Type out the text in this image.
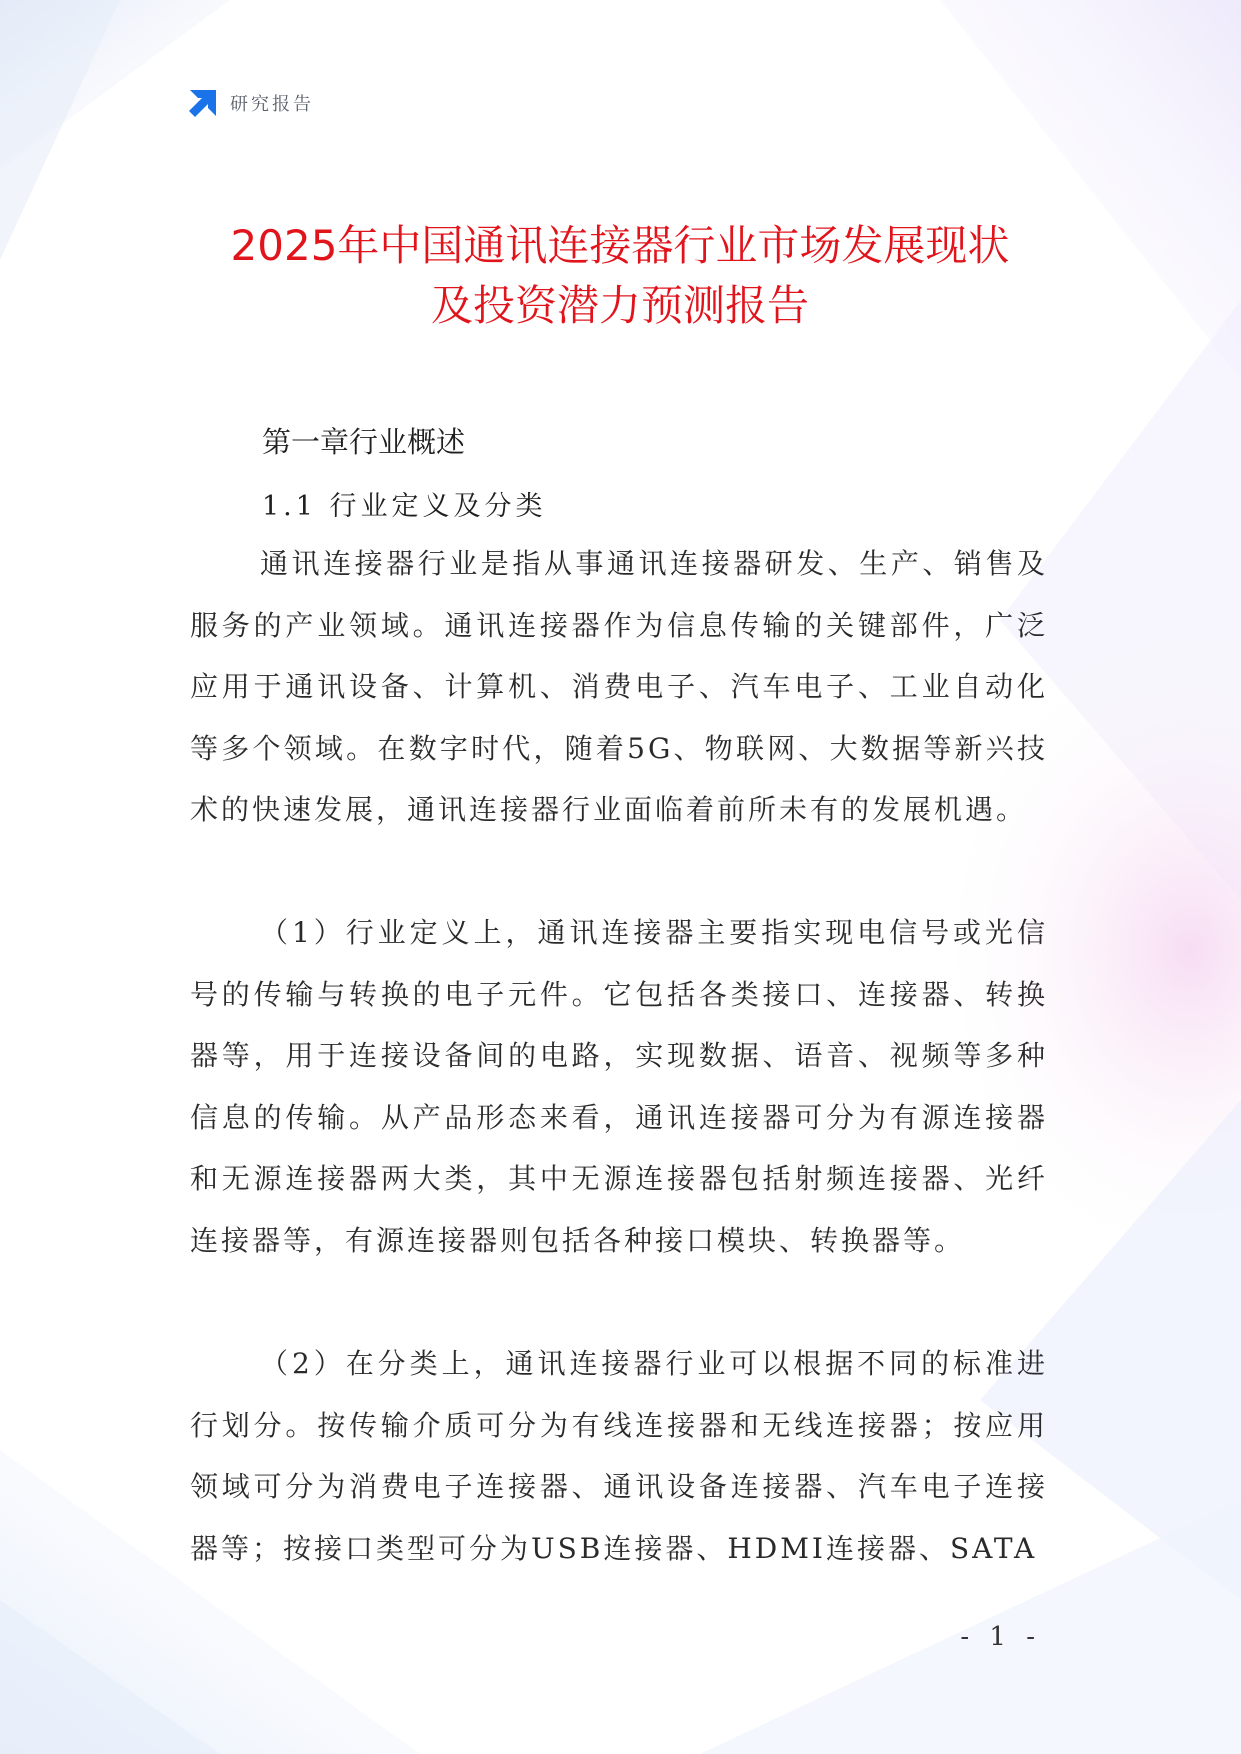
研究报告
2025年中国通讯连接器行业市场发展现状
及投资潜力预测报告
第一章行业概述
1.1 行业定义及分类

通讯连接器行业是指从事通讯连接器研发、生产、销售及服务的产业领域。通讯连接器作为信息传输的关键部件，广泛应用于通讯设备、计算机、消费电子、汽车电子、工业自动化等多个领域。在数字时代，随着5G、物联网、大数据等新兴技术的快速发展，通讯连接器行业面临着前所未有的发展机遇。

（1）行业定义上，通讯连接器主要指实现电信号或光信号的传输与转换的电子元件。它包括各类接口、连接器、转换器等，用于连接设备间的电路，实现数据、语音、视频等多种信息的传输。从产品形态来看，通讯连接器可分为有源连接器和无源连接器两大类，其中无源连接器包括射频连接器、光纤连接器等，有源连接器则包括各种接口模块、转换器等。

（2）在分类上，通讯连接器行业可以根据不同的标准进行划分。按传输介质可分为有线连接器和无线连接器；按应用领域可分为消费电子连接器、通讯设备连接器、汽车电子连接器等；按接口类型可分为USB连接器、HDMI连接器、SATA

- 1 -
